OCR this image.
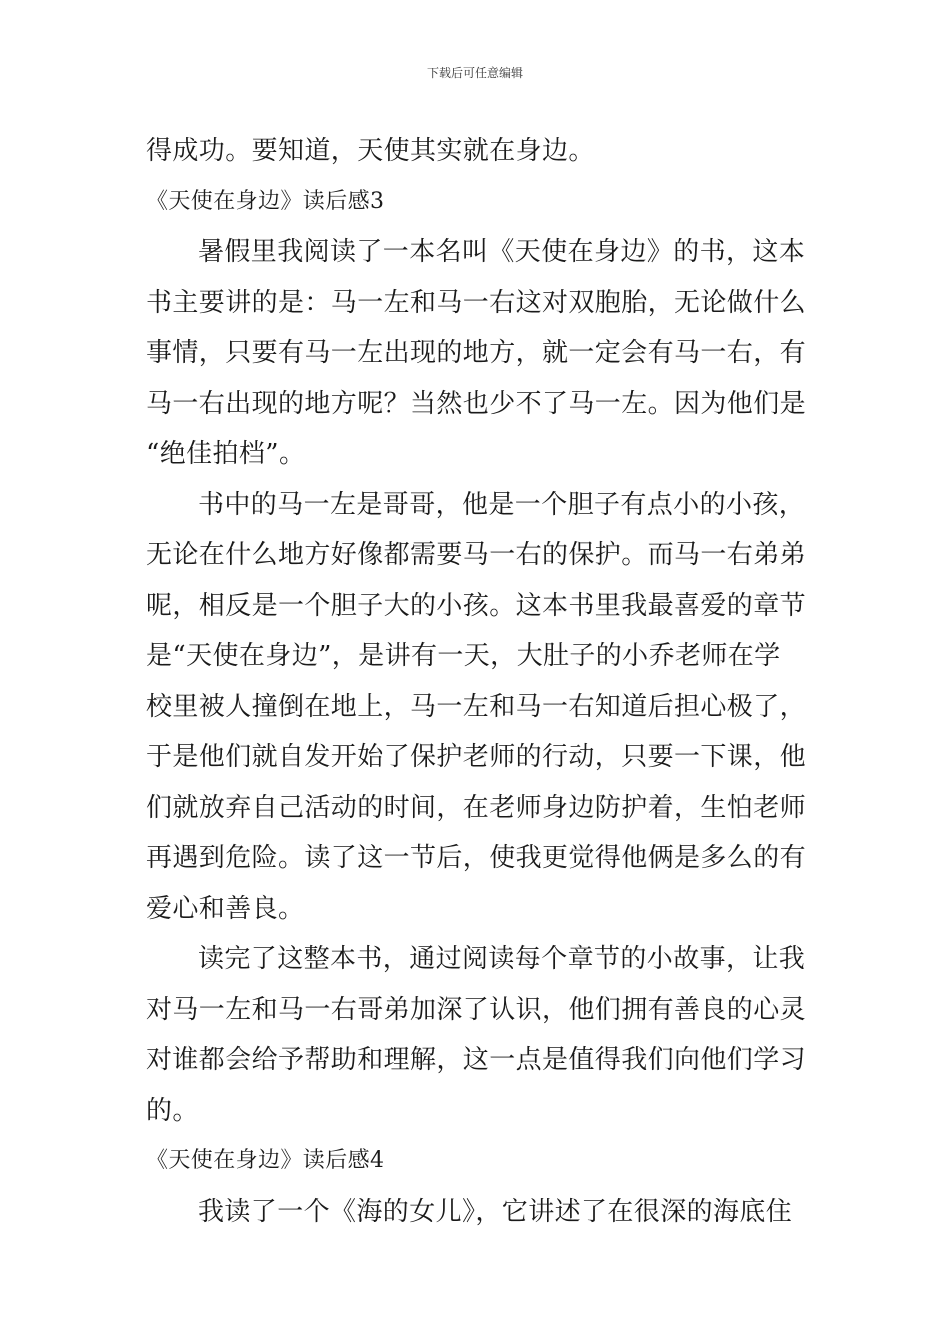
下载后可任意编辑
得成功。要知道，天使其实就在身边。
《天使在身边》读后感3
暑假里我阅读了一本名叫《天使在身边》的书，这本
书主要讲的是：马一左和马一右这对双胞胎，无论做什么
事情，只要有马一左出现的地方，就一定会有马一右，有
马一右出现的地方呢？当然也少不了马一左。因为他们是
“绝佳拍档”。
书中的马一左是哥哥，他是一个胆子有点小的小孩，
无论在什么地方好像都需要马一右的保护。而马一右弟弟
呢，相反是一个胆子大的小孩。这本书里我最喜爱的章节
是“天使在身边”，是讲有一天，大肚子的小乔老师在学
校里被人撞倒在地上，马一左和马一右知道后担心极了，
于是他们就自发开始了保护老师的行动，只要一下课，他
们就放弃自己活动的时间，在老师身边防护着，生怕老师
再遇到危险。读了这一节后，使我更觉得他俩是多么的有
爱心和善良。
读完了这整本书，通过阅读每个章节的小故事，让我
对马一左和马一右哥弟加深了认识，他们拥有善良的心灵
对谁都会给予帮助和理解，这一点是值得我们向他们学习
的。
《天使在身边》读后感4
我读了一个《海的女儿》，它讲述了在很深的海底住
